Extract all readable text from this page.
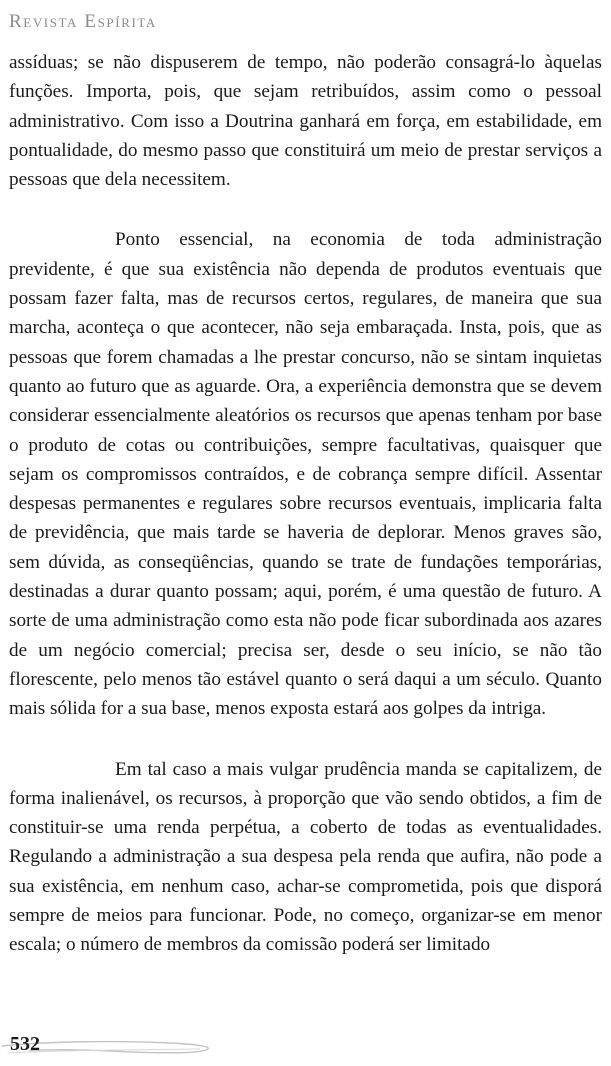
Revista Espírita

assíduas; se não dispuserem de tempo, não poderão consagrá-lo àquelas funções. Importa, pois, que sejam retribuídos, assim como o pessoal administrativo. Com isso a Doutrina ganhará em força, em estabilidade, em pontualidade, do mesmo passo que constituirá um meio de prestar serviços a pessoas que dela necessitem.

Ponto essencial, na economia de toda administração previdente, é que sua existência não dependa de produtos eventuais que possam fazer falta, mas de recursos certos, regulares, de maneira que sua marcha, aconteça o que acontecer, não seja embaraçada. Insta, pois, que as pessoas que forem chamadas a lhe prestar concurso, não se sintam inquietas quanto ao futuro que as aguarde. Ora, a experiência demonstra que se devem considerar essencialmente aleatórios os recursos que apenas tenham por base o produto de cotas ou contribuições, sempre facultativas, quaisquer que sejam os compromissos contraídos, e de cobrança sempre difícil. Assentar despesas permanentes e regulares sobre recursos eventuais, implicaria falta de previdência, que mais tarde se haveria de deplorar. Menos graves são, sem dúvida, as conseqüências, quando se trate de fundações temporárias, destinadas a durar quanto possam; aqui, porém, é uma questão de futuro. A sorte de uma administração como esta não pode ficar subordinada aos azares de um negócio comercial; precisa ser, desde o seu início, se não tão florescente, pelo menos tão estável quanto o será daqui a um século. Quanto mais sólida for a sua base, menos exposta estará aos golpes da intriga.

Em tal caso a mais vulgar prudência manda se capitalizem, de forma inalienável, os recursos, à proporção que vão sendo obtidos, a fim de constituir-se uma renda perpétua, a coberto de todas as eventualidades. Regulando a administração a sua despesa pela renda que aufira, não pode a sua existência, em nenhum caso, achar-se comprometida, pois que disporá sempre de meios para funcionar. Pode, no começo, organizar-se em menor escala; o número de membros da comissão poderá ser limitado

532
